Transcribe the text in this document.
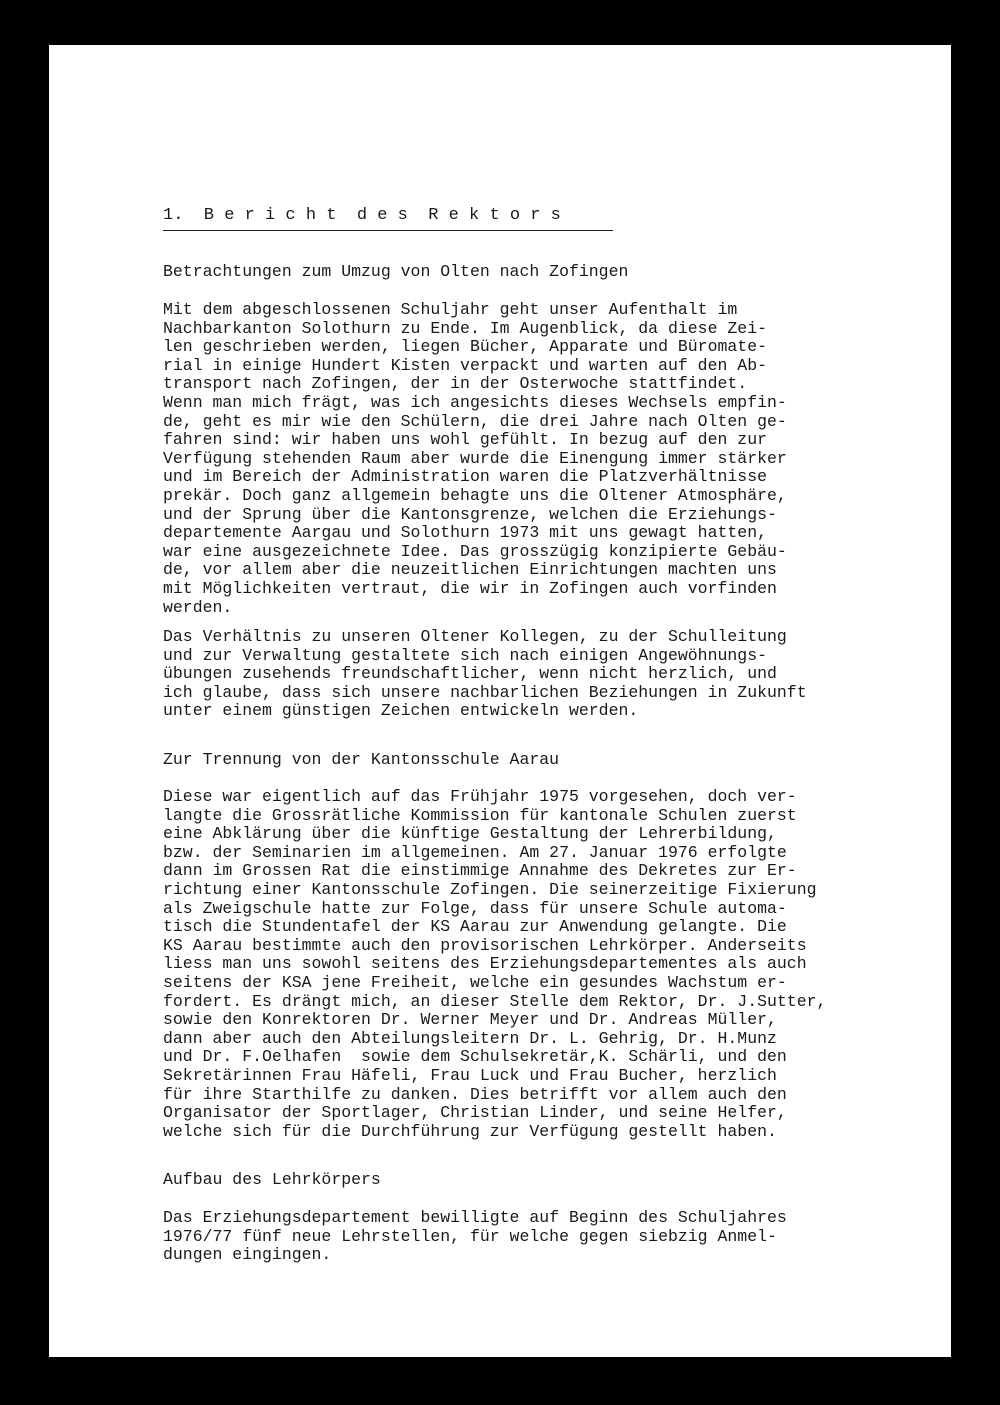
1.  B e r i c h t  d e s  R e k t o r s
Betrachtungen zum Umzug von Olten nach Zofingen
Mit dem abgeschlossenen Schuljahr geht unser Aufenthalt im
Nachbarkanton Solothurn zu Ende. Im Augenblick, da diese Zei-
len geschrieben werden, liegen Bücher, Apparate und Büromate-
rial in einige Hundert Kisten verpackt und warten auf den Ab-
transport nach Zofingen, der in der Osterwoche stattfindet.
Wenn man mich frägt, was ich angesichts dieses Wechsels empfin-
de, geht es mir wie den Schülern, die drei Jahre nach Olten ge-
fahren sind: wir haben uns wohl gefühlt. In bezug auf den zur
Verfügung stehenden Raum aber wurde die Einengung immer stärker
und im Bereich der Administration waren die Platzverhältnisse
prekär. Doch ganz allgemein behagte uns die Oltener Atmosphäre,
und der Sprung über die Kantonsgrenze, welchen die Erziehungs-
departemente Aargau und Solothurn 1973 mit uns gewagt hatten,
war eine ausgezeichnete Idee. Das grosszügig konzipierte Gebäu-
de, vor allem aber die neuzeitlichen Einrichtungen machten uns
mit Möglichkeiten vertraut, die wir in Zofingen auch vorfinden
werden.
Das Verhältnis zu unseren Oltener Kollegen, zu der Schulleitung
und zur Verwaltung gestaltete sich nach einigen Angewöhnungs-
übungen zusehends freundschaftlicher, wenn nicht herzlich, und
ich glaube, dass sich unsere nachbarlichen Beziehungen in Zukunft
unter einem günstigen Zeichen entwickeln werden.
Zur Trennung von der Kantonsschule Aarau
Diese war eigentlich auf das Frühjahr 1975 vorgesehen, doch ver-
langte die Grossrätliche Kommission für kantonale Schulen zuerst
eine Abklärung über die künftige Gestaltung der Lehrerbildung,
bzw. der Seminarien im allgemeinen. Am 27. Januar 1976 erfolgte
dann im Grossen Rat die einstimmige Annahme des Dekretes zur Er-
richtung einer Kantonsschule Zofingen. Die seinerzeitige Fixierung
als Zweigschule hatte zur Folge, dass für unsere Schule automa-
tisch die Stundentafel der KS Aarau zur Anwendung gelangte. Die
KS Aarau bestimmte auch den provisorischen Lehrkörper. Anderseits
liess man uns sowohl seitens des Erziehungsdepartementes als auch
seitens der KSA jene Freiheit, welche ein gesundes Wachstum er-
fordert. Es drängt mich, an dieser Stelle dem Rektor, Dr. J.Sutter,
sowie den Konrektoren Dr. Werner Meyer und Dr. Andreas Müller,
dann aber auch den Abteilungsleitern Dr. L. Gehrig, Dr. H.Munz
und Dr. F.Oelhafen  sowie dem Schulsekretär,K. Schärli, und den
Sekretärinnen Frau Häfeli, Frau Luck und Frau Bucher, herzlich
für ihre Starthilfe zu danken. Dies betrifft vor allem auch den
Organisator der Sportlager, Christian Linder, und seine Helfer,
welche sich für die Durchführung zur Verfügung gestellt haben.
Aufbau des Lehrkörpers
Das Erziehungsdepartement bewilligte auf Beginn des Schuljahres
1976/77 fünf neue Lehrstellen, für welche gegen siebzig Anmel-
dungen eingingen.
